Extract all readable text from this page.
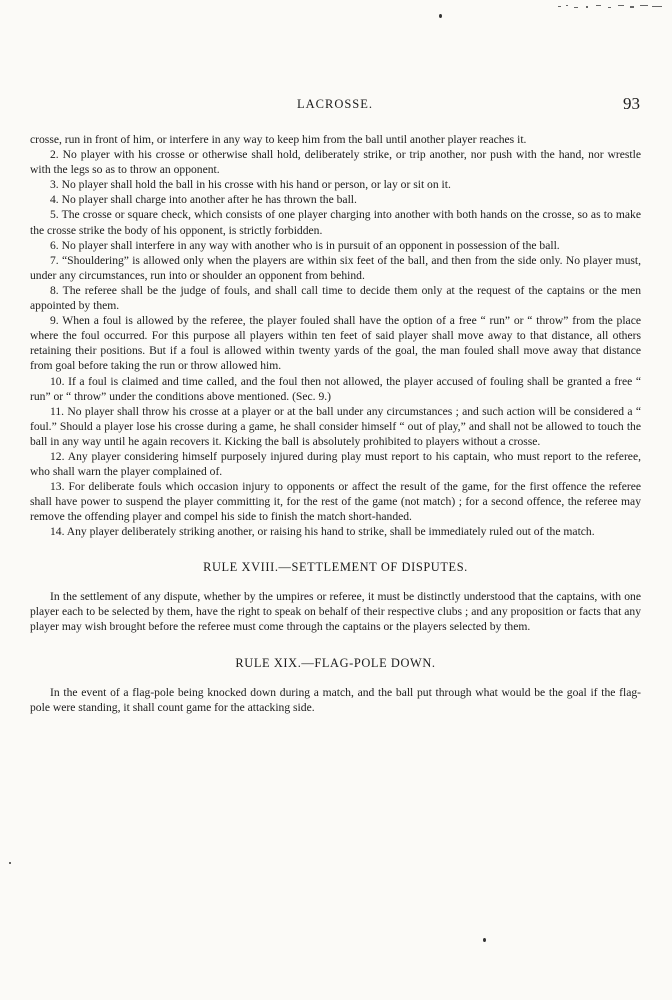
LACROSSE.	93

crosse, run in front of him, or interfere in any way to keep him from the ball until another player reaches it.

2. No player with his crosse or otherwise shall hold, deliberately strike, or trip another, nor push with the hand, nor wrestle with the legs so as to throw an opponent.

3. No player shall hold the ball in his crosse with his hand or person, or lay or sit on it.

4. No player shall charge into another after he has thrown the ball.

5. The crosse or square check, which consists of one player charging into another with both hands on the crosse, so as to make the crosse strike the body of his opponent, is strictly forbidden.

6. No player shall interfere in any way with another who is in pursuit of an opponent in possession of the ball.

7. “Shouldering” is allowed only when the players are within six feet of the ball, and then from the side only. No player must, under any circumstances, run into or shoulder an opponent from behind.

8. The referee shall be the judge of fouls, and shall call time to decide them only at the request of the captains or the men appointed by them.

9. When a foul is allowed by the referee, the player fouled shall have the option of a free “ run” or “ throw” from the place where the foul occurred. For this purpose all players within ten feet of said player shall move away to that distance, all others retaining their positions. But if a foul is allowed within twenty yards of the goal, the man fouled shall move away that distance from goal before taking the run or throw allowed him.

10. If a foul is claimed and time called, and the foul then not allowed, the player accused of fouling shall be granted a free “ run” or “ throw” under the conditions above mentioned. (Sec. 9.)

11. No player shall throw his crosse at a player or at the ball under any circumstances ; and such action will be considered a “ foul.” Should a player lose his crosse during a game, he shall consider himself “ out of play,” and shall not be allowed to touch the ball in any way until he again recovers it. Kicking the ball is absolutely prohibited to players without a crosse.

12. Any player considering himself purposely injured during play must report to his captain, who must report to the referee, who shall warn the player complained of.

13. For deliberate fouls which occasion injury to opponents or affect the result of the game, for the first offence the referee shall have power to suspend the player committing it, for the rest of the game (not match) ; for a second offence, the referee may remove the offending player and compel his side to finish the match short-handed.

14. Any player deliberately striking another, or raising his hand to strike, shall be immediately ruled out of the match.

RULE XVIII.—SETTLEMENT OF DISPUTES.

In the settlement of any dispute, whether by the umpires or referee, it must be distinctly understood that the captains, with one player each to be selected by them, have the right to speak on behalf of their respective clubs ; and any proposition or facts that any player may wish brought before the referee must come through the captains or the players selected by them.

RULE XIX.—FLAG-POLE DOWN.

In the event of a flag-pole being knocked down during a match, and the ball put through what would be the goal if the flag-pole were standing, it shall count game for the attacking side.
